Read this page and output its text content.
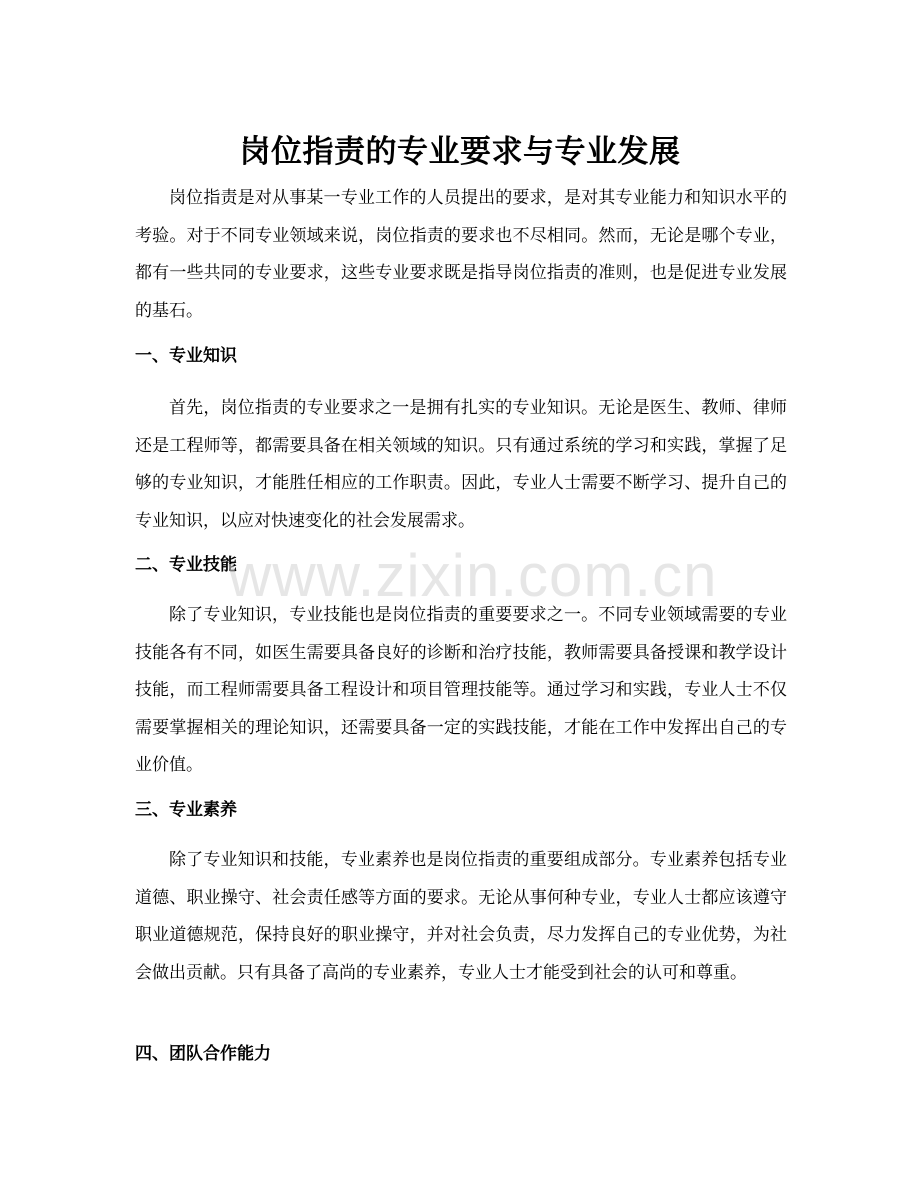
岗位指责的专业要求与专业发展

岗位指责是对从事某一专业工作的人员提出的要求，是对其专业能力和知识水平的考验。对于不同专业领域来说，岗位指责的要求也不尽相同。然而，无论是哪个专业，都有一些共同的专业要求，这些专业要求既是指导岗位指责的准则，也是促进专业发展的基石。

一、专业知识

首先，岗位指责的专业要求之一是拥有扎实的专业知识。无论是医生、教师、律师还是工程师等，都需要具备在相关领域的知识。只有通过系统的学习和实践，掌握了足够的专业知识，才能胜任相应的工作职责。因此，专业人士需要不断学习、提升自己的专业知识，以应对快速变化的社会发展需求。

二、专业技能

除了专业知识，专业技能也是岗位指责的重要要求之一。不同专业领域需要的专业技能各有不同，如医生需要具备良好的诊断和治疗技能，教师需要具备授课和教学设计技能，而工程师需要具备工程设计和项目管理技能等。通过学习和实践，专业人士不仅需要掌握相关的理论知识，还需要具备一定的实践技能，才能在工作中发挥出自己的专业价值。

三、专业素养

除了专业知识和技能，专业素养也是岗位指责的重要组成部分。专业素养包括专业道德、职业操守、社会责任感等方面的要求。无论从事何种专业，专业人士都应该遵守职业道德规范，保持良好的职业操守，并对社会负责，尽力发挥自己的专业优势，为社会做出贡献。只有具备了高尚的专业素养，专业人士才能受到社会的认可和尊重。

四、团队合作能力
www.zixin.com.cn
